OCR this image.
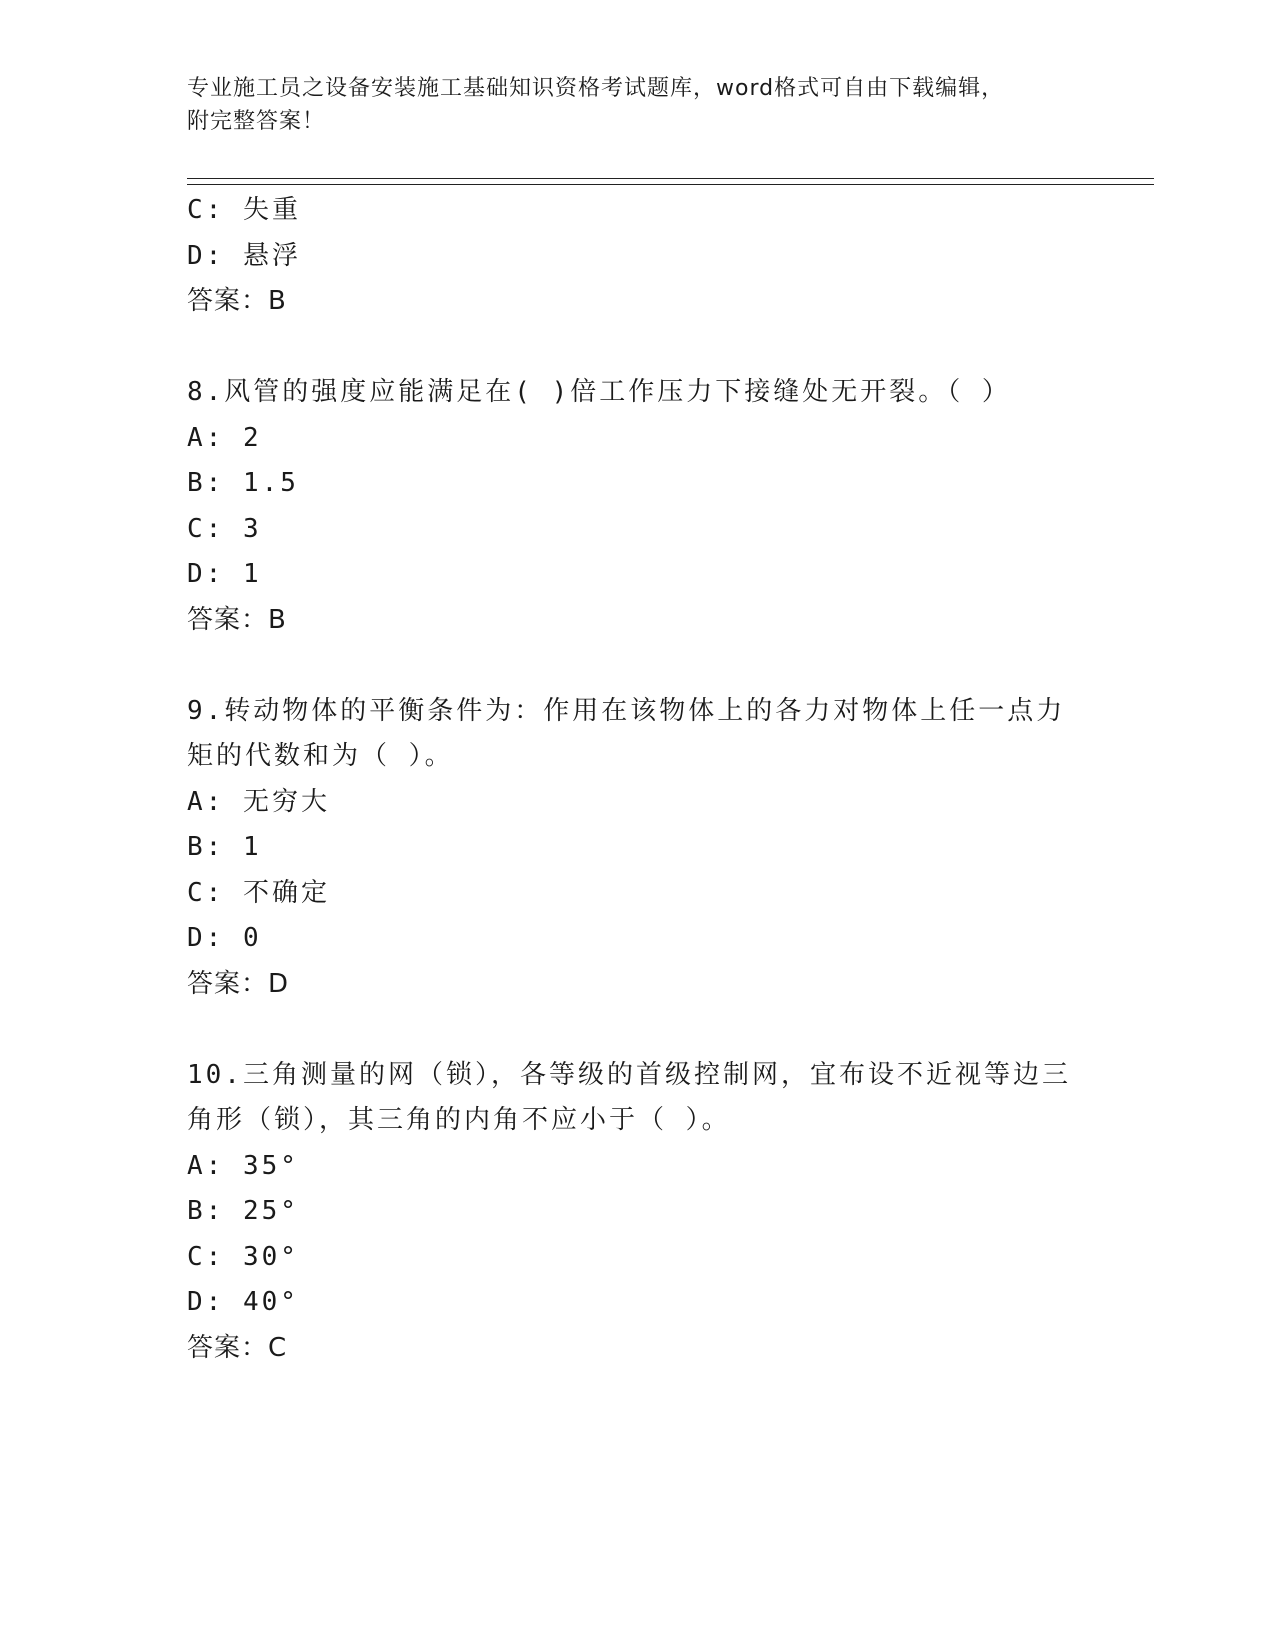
专业施工员之设备安装施工基础知识资格考试题库，word格式可自由下载编辑，
附完整答案！
C: 失重
D: 悬浮
答案：B
8.风管的强度应能满足在( )倍工作压力下接缝处无开裂。（ ）
A: 2
B: 1.5
C: 3
D: 1
答案：B
9.转动物体的平衡条件为：作用在该物体上的各力对物体上任一点力
矩的代数和为（ ）。
A: 无穷大
B: 1
C: 不确定
D: 0
答案：D
10.三角测量的网（锁），各等级的首级控制网，宜布设不近视等边三
角形（锁），其三角的内角不应小于（ ）。
A: 35°
B: 25°
C: 30°
D: 40°
答案：C
